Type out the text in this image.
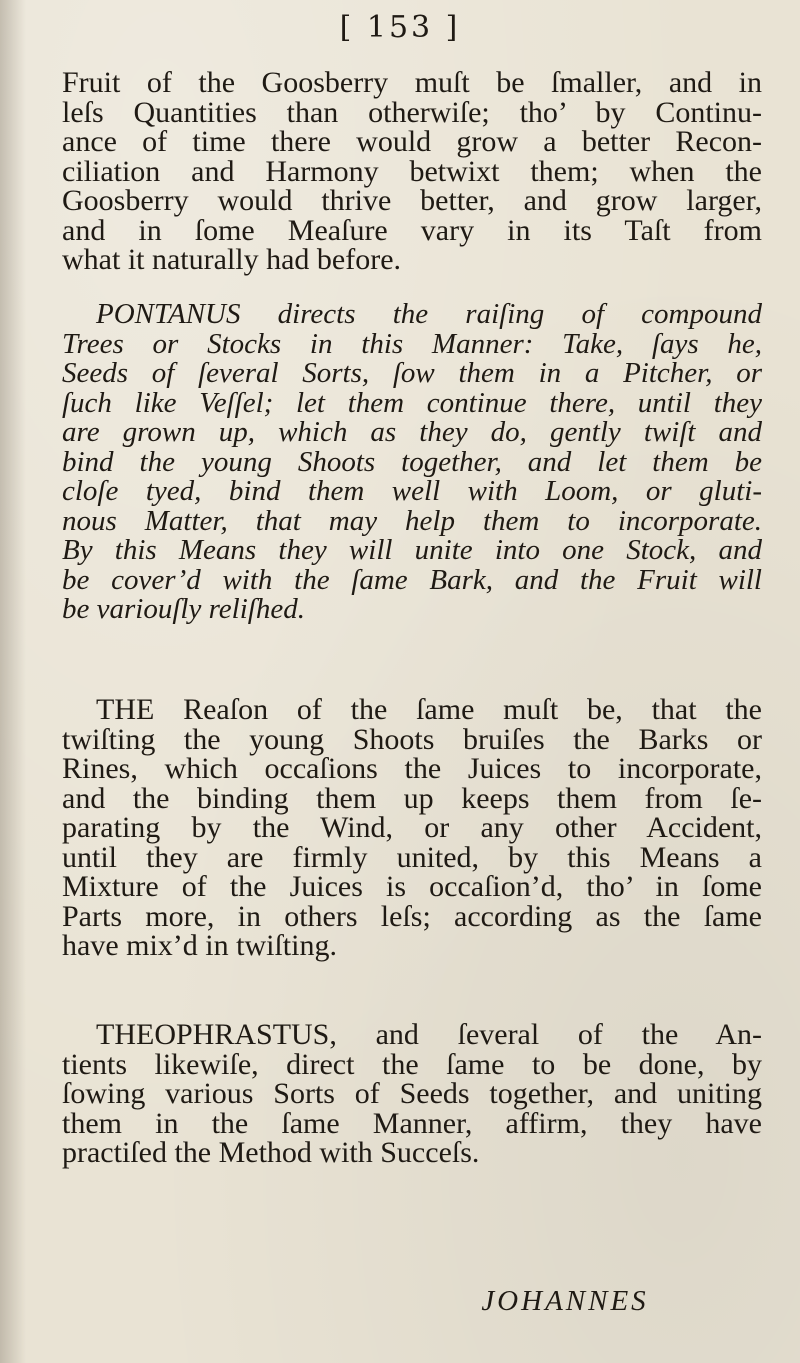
[ 153 ]
Fruit of the Goosberry muſt be ſmaller, and in
leſs Quantities than otherwiſe; tho’ by Continu-
ance of time there would grow a better Recon-
ciliation and Harmony betwixt them; when the
Goosberry would thrive better, and grow larger,
and in ſome Meaſure vary in its Taſt from
what it naturally had before.
PONTANUS directs the raiſing of compound
Trees or Stocks in this Manner: Take, ſays he,
Seeds of ſeveral Sorts, ſow them in a Pitcher, or
ſuch like Veſſel; let them continue there, until they
are grown up, which as they do, gently twiſt and
bind the young Shoots together, and let them be
cloſe tyed, bind them well with Loom, or gluti-
nous Matter, that may help them to incorporate.
By this Means they will unite into one Stock, and
be cover’d with the ſame Bark, and the Fruit will
be variouſly reliſhed.
THE Reaſon of the ſame muſt be, that the
twiſting the young Shoots bruiſes the Barks or
Rines, which occaſions the Juices to incorporate,
and the binding them up keeps them from ſe-
parating by the Wind, or any other Accident,
until they are firmly united, by this Means a
Mixture of the Juices is occaſion’d, tho’ in ſome
Parts more, in others leſs; according as the ſame
have mix’d in twiſting.
THEOPHRASTUS, and ſeveral of the An-
tients likewiſe, direct the ſame to be done, by
ſowing various Sorts of Seeds together, and uniting
them in the ſame Manner, affirm, they have
practiſed the Method with Succeſs.
JOHANNES
